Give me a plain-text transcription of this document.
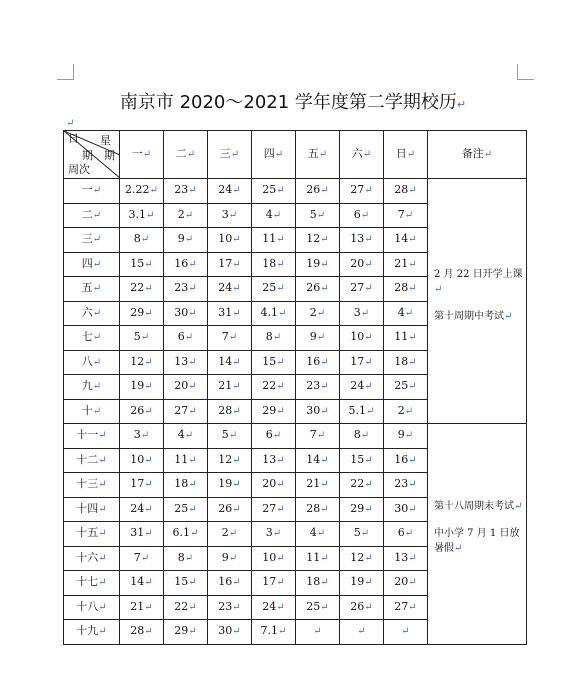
南京市 2020～2021 学年度第二学期校历↵
↵
日 星
期 期
周次	一↵	二↵	三↵	四↵	五↵	六↵	日↵	备注↵
一↵	2.22↵	23↵	24↵	25↵	26↵	27↵	28↵	2 月 22 日开学上课↵
第十周期中考试↵

二↵	3.1↵	2↵	3↵	4↵	5↵	6↵	7↵	
三↵	8↵	9↵	10↵	11↵	12↵	13↵	14↵	
四↵	15↵	16↵	17↵	18↵	19↵	20↵	21↵	
五↵	22↵	23↵	24↵	25↵	26↵	27↵	28↵	
六↵	29↵	30↵	31↵	4.1↵	2↵	3↵	4↵	
七↵	5↵	6↵	7↵	8↵	9↵	10↵	11↵	
八↵	12↵	13↵	14↵	15↵	16↵	17↵	18↵	
九↵	19↵	20↵	21↵	22↵	23↵	24↵	25↵	
十↵	26↵	27↵	28↵	29↵	30↵	5.1↵	2↵	
十一↵	3↵	4↵	5↵	6↵	7↵	8↵	9↵	第十八周期末考试↵
中小学 7 月 1 日放暑假↵

十二↵	10↵	11↵	12↵	13↵	14↵	15↵	16↵	
十三↵	17↵	18↵	19↵	20↵	21↵	22↵	23↵	
十四↵	24↵	25↵	26↵	27↵	28↵	29↵	30↵	
十五↵	31↵	6.1↵	2↵	3↵	4↵	5↵	6↵	
十六↵	7↵	8↵	9↵	10↵	11↵	12↵	13↵	
十七↵	14↵	15↵	16↵	17↵	18↵	19↵	20↵	
十八↵	21↵	22↵	23↵	24↵	25↵	26↵	27↵	
十九↵	28↵	29↵	30↵	7.1↵	↵	↵	↵	
